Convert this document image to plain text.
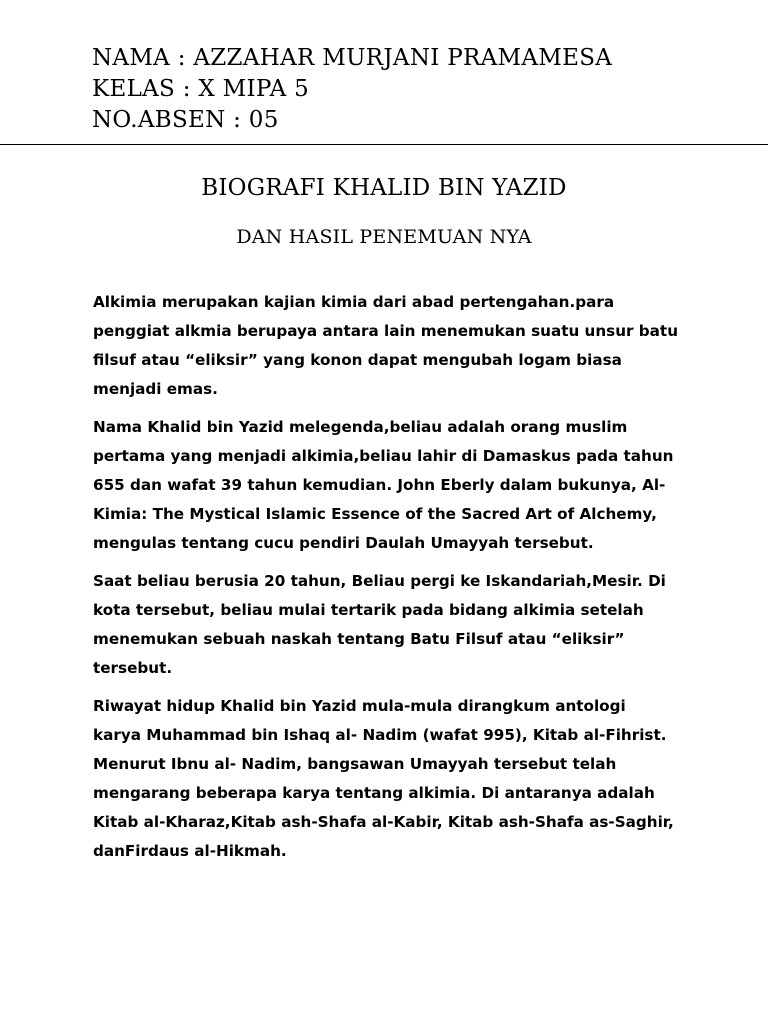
NAMA : AZZAHAR MURJANI PRAMAMESA
KELAS : X MIPA 5
NO.ABSEN : 05
BIOGRAFI KHALID BIN YAZID
DAN HASIL PENEMUAN NYA

Alkimia merupakan kajian kimia dari abad pertengahan.para
penggiat alkmia berupaya antara lain menemukan suatu unsur batu
filsuf atau “eliksir” yang konon dapat mengubah logam biasa
menjadi emas.

Nama Khalid bin Yazid melegenda,beliau adalah orang muslim
pertama yang menjadi alkimia,beliau lahir di Damaskus pada tahun
655 dan wafat 39 tahun kemudian. John Eberly dalam bukunya, Al-
Kimia: The Mystical Islamic Essence of the Sacred Art of Alchemy,
mengulas tentang cucu pendiri Daulah Umayyah tersebut.

Saat beliau berusia 20 tahun, Beliau pergi ke Iskandariah,Mesir. Di
kota tersebut, beliau mulai tertarik pada bidang alkimia setelah
menemukan sebuah naskah tentang Batu Filsuf atau “eliksir”
tersebut.

Riwayat hidup Khalid bin Yazid mula-mula dirangkum antologi
karya Muhammad bin Ishaq al- Nadim (wafat 995), Kitab al-Fihrist.
Menurut Ibnu al- Nadim, bangsawan Umayyah tersebut telah
mengarang beberapa karya tentang alkimia. Di antaranya adalah
Kitab al-Kharaz,Kitab ash-Shafa al-Kabir, Kitab ash-Shafa as-Saghir,
danFirdaus al-Hikmah.
